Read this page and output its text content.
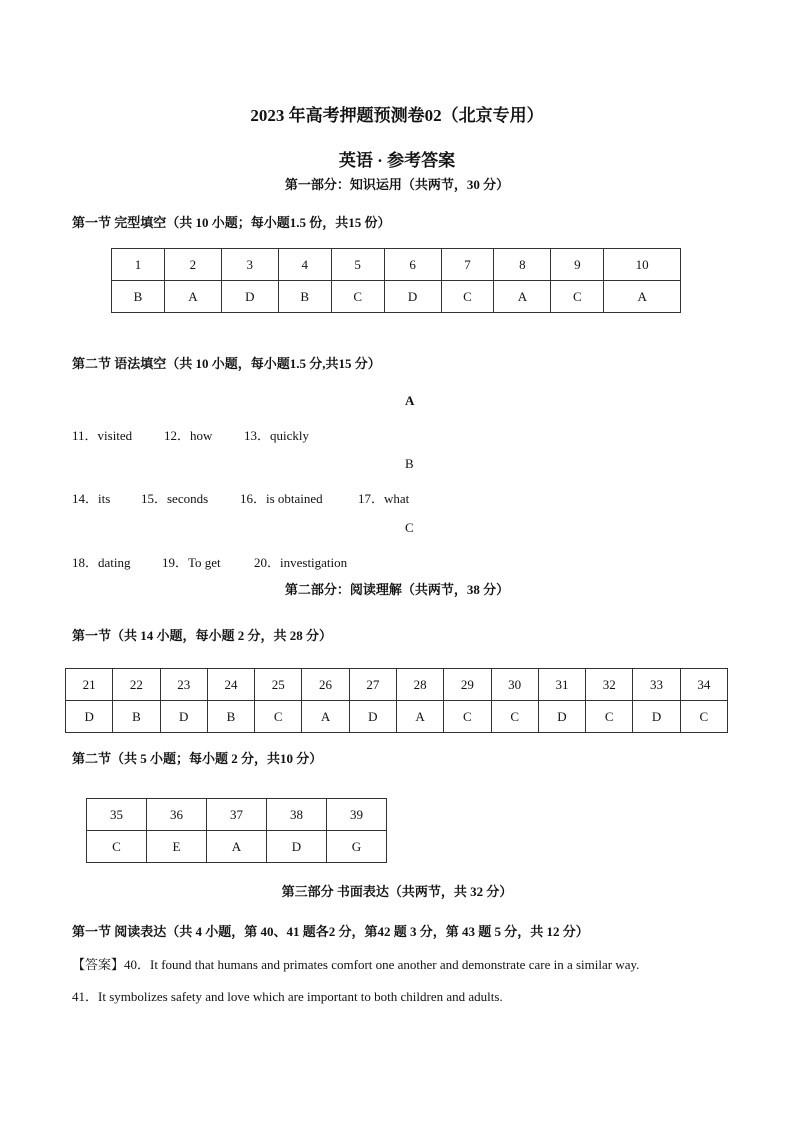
2023 年高考押题预测卷02（北京专用）
英语 · 参考答案
第一部分：知识运用（共两节，30 分）
第一节 完型填空（共 10 小题；每小题1.5 份，共15 份）
1	2	3	4	5	6	7	8	9	10
B	A	D	B	C	D	C	A	C	A
第二节 语法填空（共 10 小题，每小题1.5 分,共15 分）
A
11．visited 12．how 13．quickly
B
14．its 15．seconds 16．is obtained	17．what
C
18．dating 19．To get	20．investigation
第二部分：阅读理解（共两节，38 分）
第一节（共 14 小题，每小题 2 分，共 28 分）
21	22	23	24	25	26	27	28	29	30	31	32	33	34
D	B	D	B	C	A	D	A	C	C	D	C	D	C
第二节（共 5 小题；每小题 2 分，共10 分）
35	36	37	38	39
C	E	A	D	G
第三部分 书面表达（共两节，共 32 分）
第一节 阅读表达（共 4 小题，第 40、41 题各2 分，第42 题 3 分，第 43 题 5 分，共 12 分）
【答案】40．It found that humans and primates comfort one another and demonstrate care in a similar way.
41．It symbolizes safety and love which are important to both children and adults.
